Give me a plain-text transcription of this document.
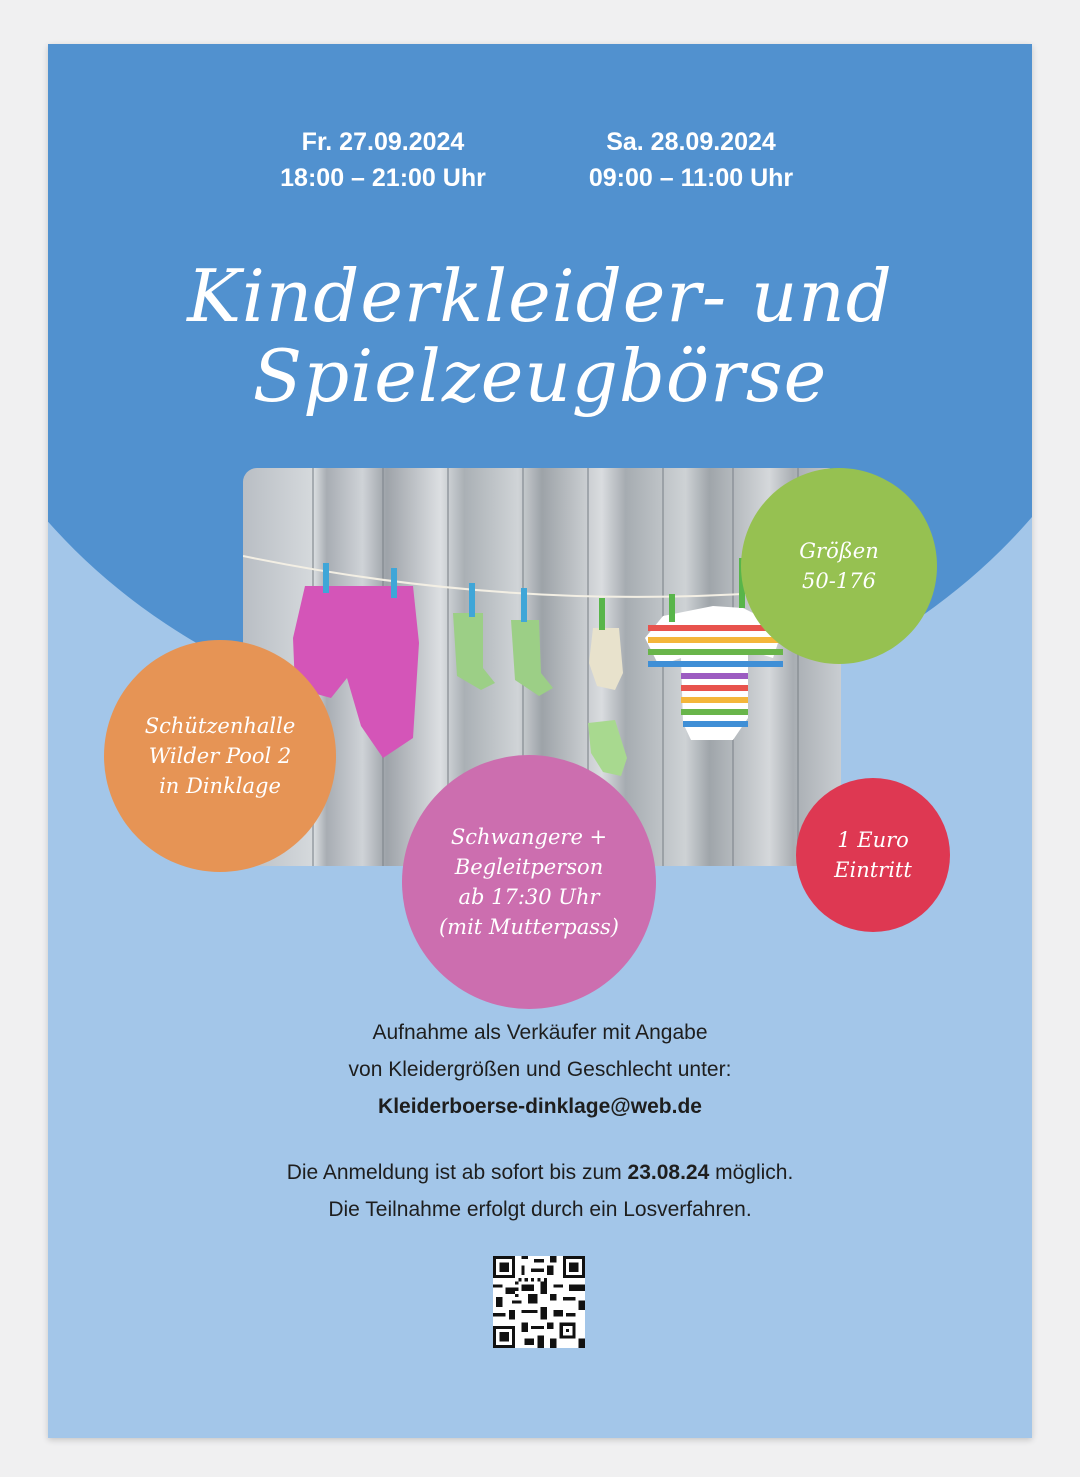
Fr. 27.09.2024
18:00 – 21:00 Uhr
Sa. 28.09.2024
09:00 – 11:00 Uhr
Kinderkleider- und
Spielzeugbörse
Größen
50-176
Schützenhalle
Wilder Pool 2
in Dinklage
Schwangere +
Begleitperson
ab 17:30 Uhr
(mit Mutterpass)
1 Euro
Eintritt
Aufnahme als Verkäufer mit Angabe
von Kleidergrößen und Geschlecht unter:
Kleiderboerse-dinklage@web.de
Die Anmeldung ist ab sofort bis zum 23.08.24 möglich.
Die Teilnahme erfolgt durch ein Losverfahren.
